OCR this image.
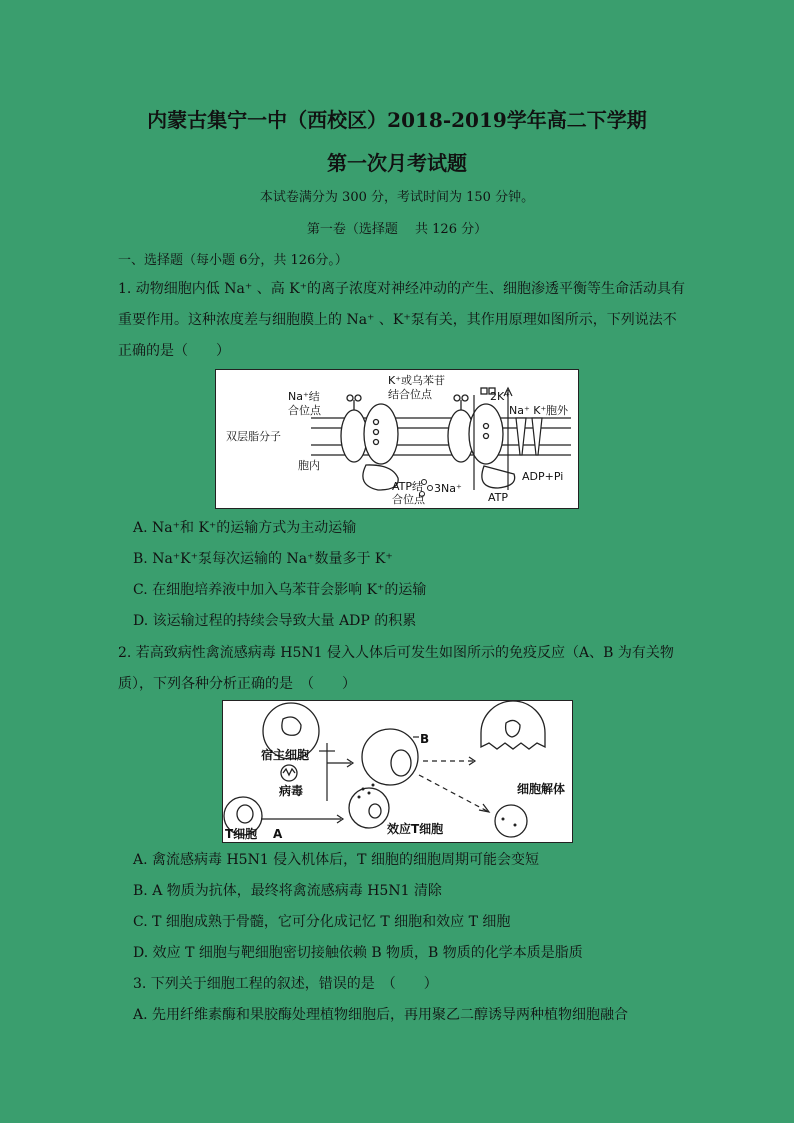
内蒙古集宁一中（西校区）2018-2019学年高二下学期
第一次月考试题
本试卷满分为 300 分，考试时间为 150 分钟。
第一卷（选择题　 共 126 分）
一、选择题（每小题 6分，共 126分。）
1. 动物细胞内低 Na⁺ 、高 K⁺的离子浓度对神经冲动的产生、细胞渗透平衡等生命活动具有
重要作用。这种浓度差与细胞膜上的 Na⁺ 、K⁺泵有关，其作用原理如图所示，下列说法不
正确的是（　　）
Na⁺结
合位点
K⁺或乌苯苷
结合位点
双层脂分子
胞内
胞外
2K⁺
Na⁺ K⁺
ATP结
合位点
3Na⁺
ATP
ADP+Pi
A. Na⁺和 K⁺的运输方式为主动运输
B. Na⁺K⁺泵每次运输的 Na⁺数量多于 K⁺
C. 在细胞培养液中加入乌苯苷会影响 K⁺的运输
D. 该运输过程的持续会导致大量 ADP 的积累
2. 若高致病性禽流感病毒 H5N1 侵入人体后可发生如图所示的免疫反应（A、B 为有关物
质），下列各种分析正确的是　（　　）
宿主细胞
病毒
B
A
T细胞	效应T细胞
细胞解体
A. 禽流感病毒 H5N1 侵入机体后，T 细胞的细胞周期可能会变短
B. A 物质为抗体，最终将禽流感病毒 H5N1 清除
C. T 细胞成熟于骨髓，它可分化成记忆 T 细胞和效应 T 细胞
D. 效应 T 细胞与靶细胞密切接触依赖 B 物质，B 物质的化学本质是脂质
3. 下列关于细胞工程的叙述，错误的是　（　　）
A. 先用纤维素酶和果胶酶处理植物细胞后，再用聚乙二醇诱导两种植物细胞融合
